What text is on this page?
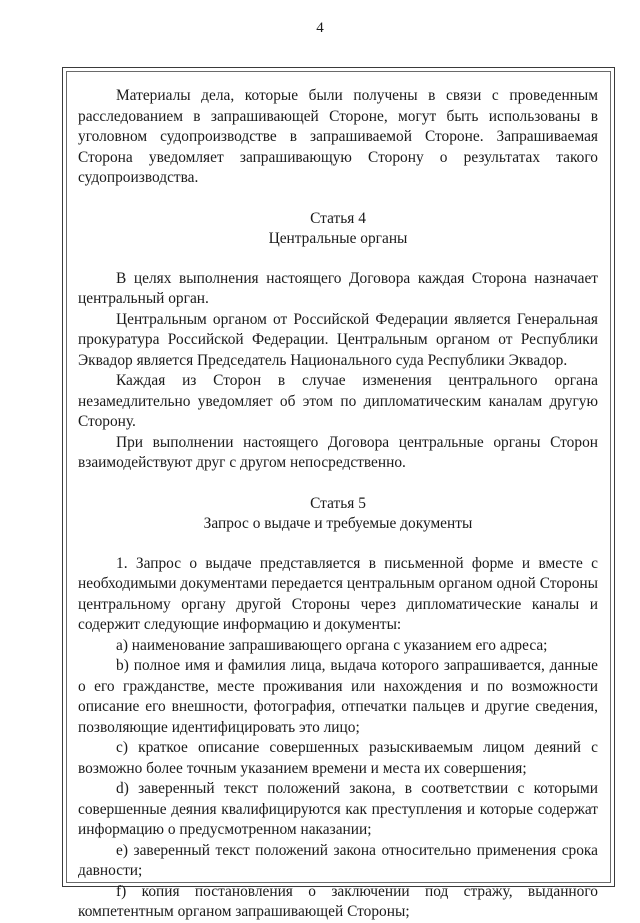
4

Материалы дела, которые были получены в связи с проведенным расследованием в запрашивающей Стороне, могут быть использованы в уголовном судопроизводстве в запрашиваемой Стороне. Запрашиваемая Сторона уведомляет запрашивающую Сторону о результатах такого судопроизводства.

Статья 4
Центральные органы

В целях выполнения настоящего Договора каждая Сторона назначает центральный орган.

Центральным органом от Российской Федерации является Генеральная прокуратура Российской Федерации. Центральным органом от Республики Эквадор является Председатель Национального суда Республики Эквадор.

Каждая из Сторон в случае изменения центрального органа незамедлительно уведомляет об этом по дипломатическим каналам другую Сторону.

При выполнении настоящего Договора центральные органы Сторон взаимодействуют друг с другом непосредственно.

Статья 5
Запрос о выдаче и требуемые документы

1. Запрос о выдаче представляется в письменной форме и вместе с необходимыми документами передается центральным органом одной Стороны центральному органу другой Стороны через дипломатические каналы и содержит следующие информацию и документы:

а) наименование запрашивающего органа с указанием его адреса;

b) полное имя и фамилия лица, выдача которого запрашивается, данные о его гражданстве, месте проживания или нахождения и по возможности описание его внешности, фотография, отпечатки пальцев и другие сведения, позволяющие идентифицировать это лицо;

с) краткое описание совершенных разыскиваемым лицом деяний с возможно более точным указанием времени и места их совершения;

d) заверенный текст положений закона, в соответствии с которыми совершенные деяния квалифицируются как преступления и которые содержат информацию о предусмотренном наказании;

е) заверенный текст положений закона относительно применения срока давности;

f) копия постановления о заключении под стражу, выданного компетентным органом запрашивающей Стороны;
